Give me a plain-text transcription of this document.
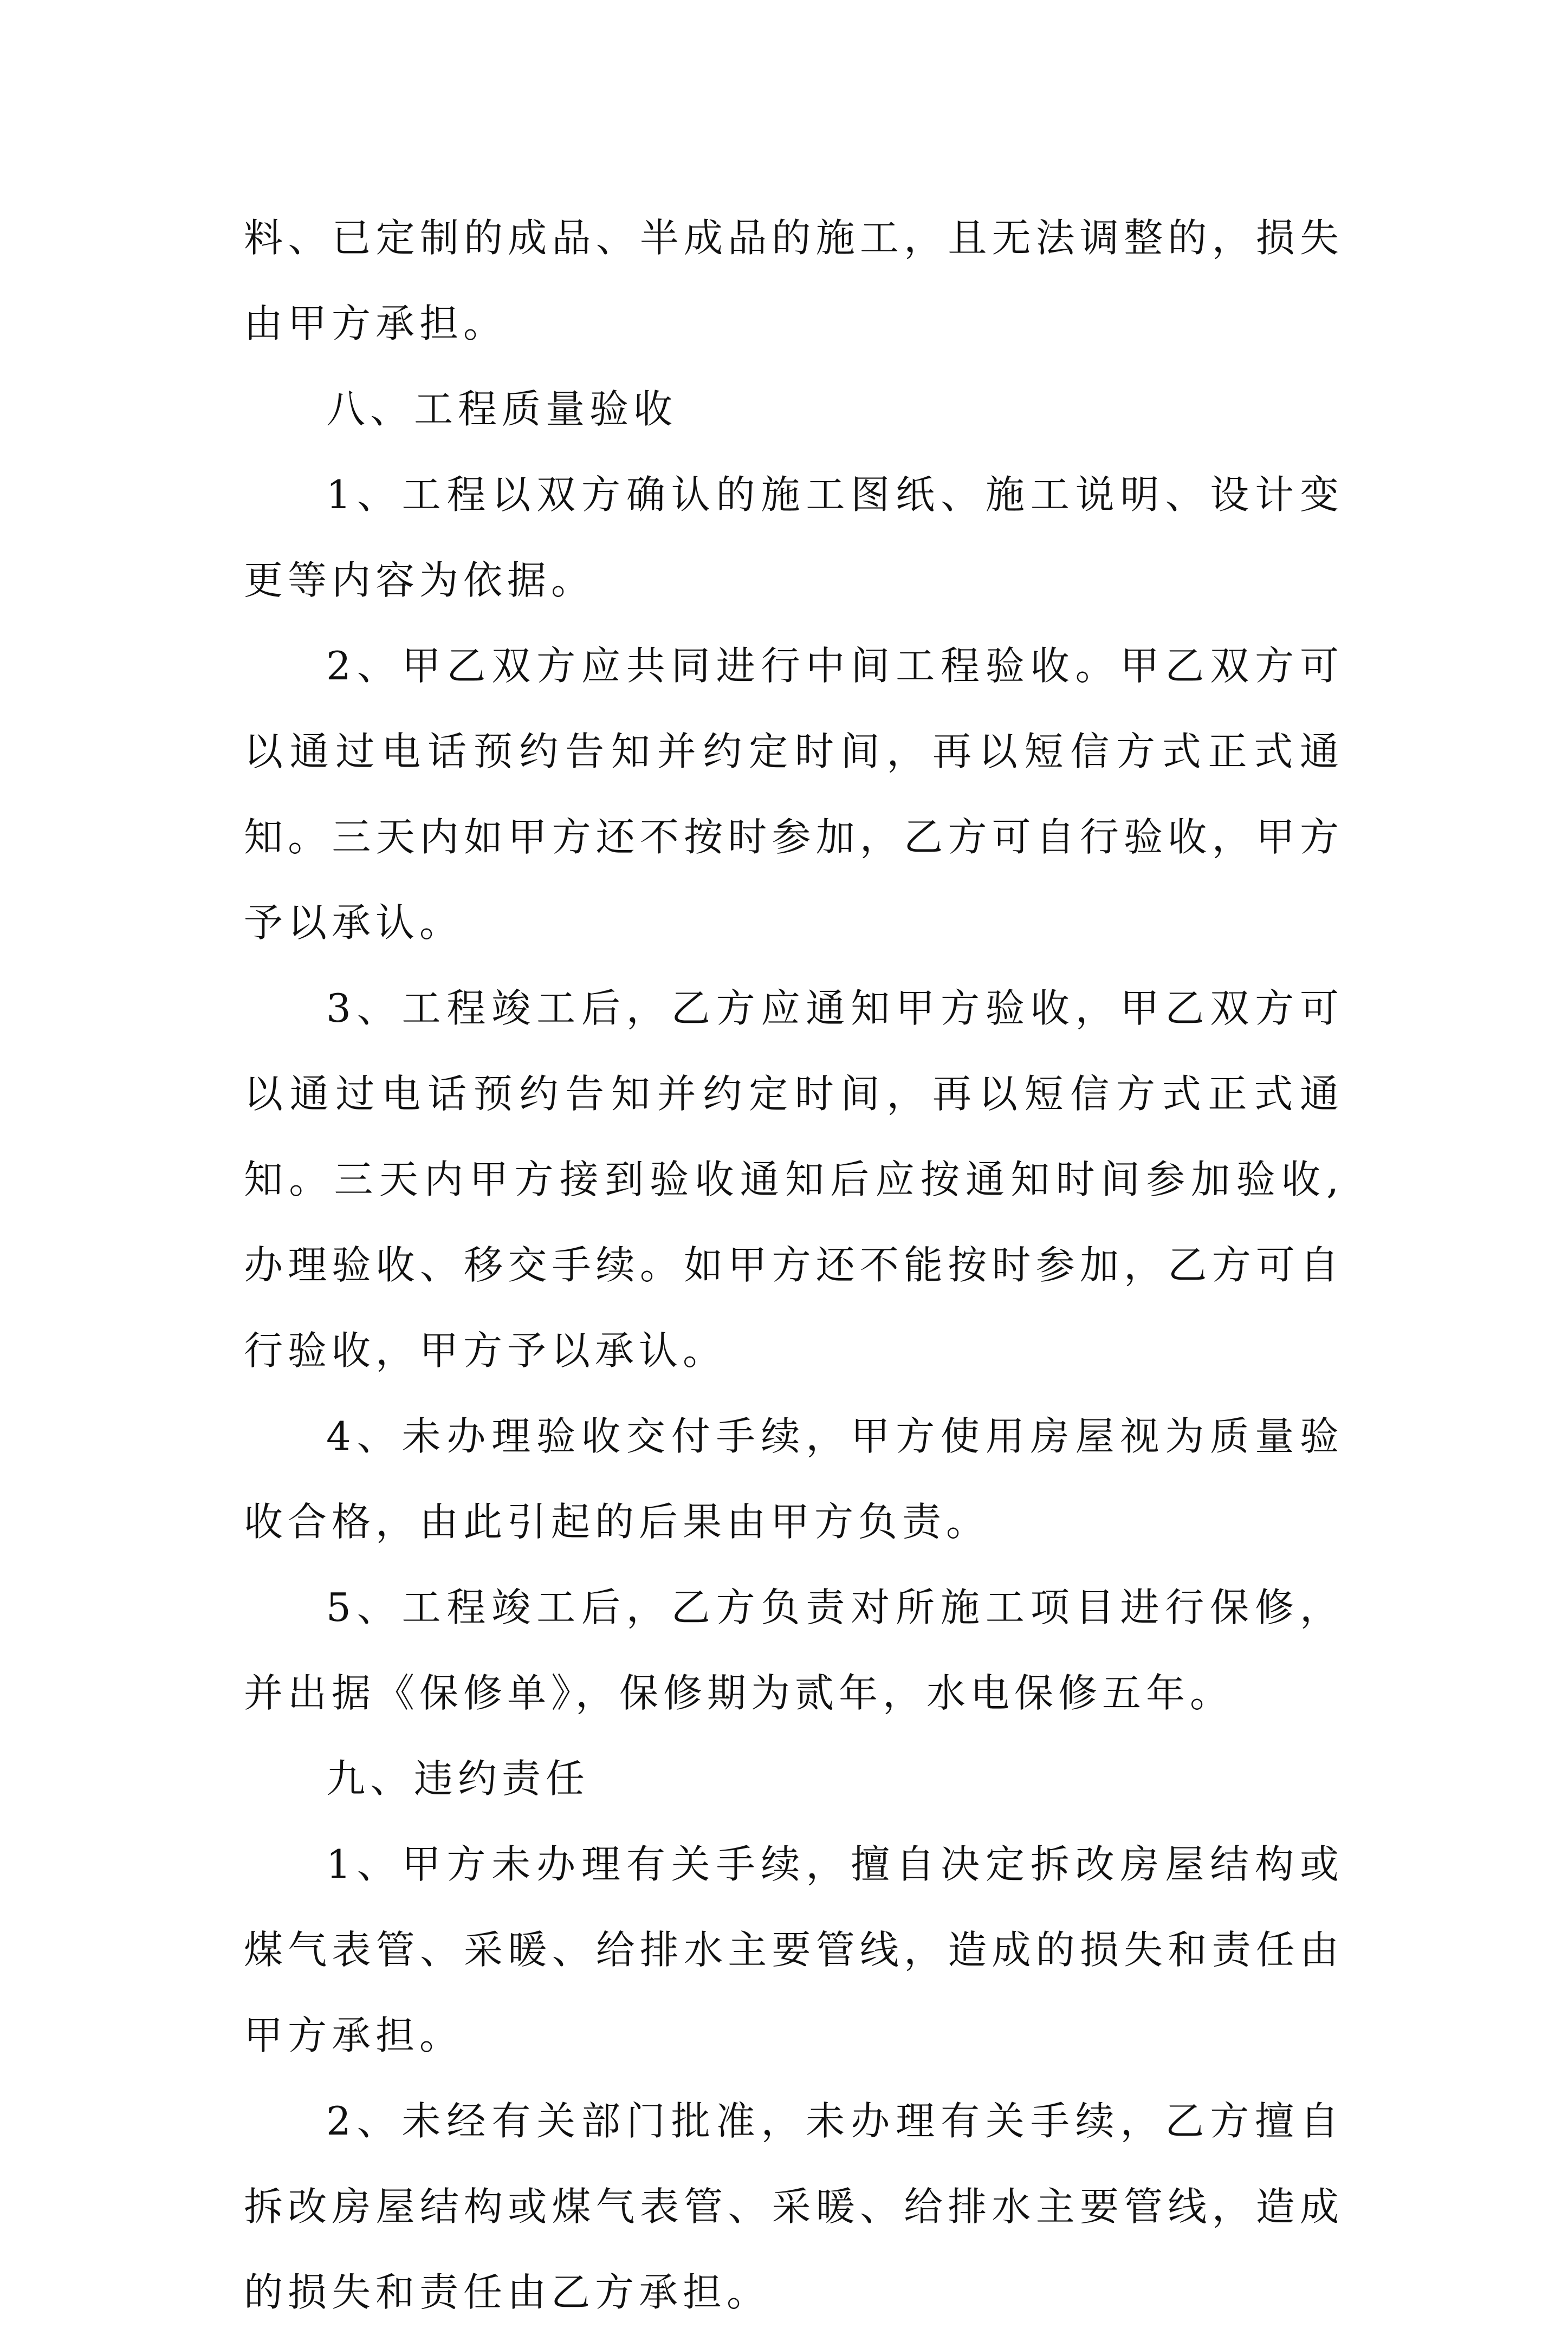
料、已定制的成品、半成品的施工，且无法调整的，损失由甲方承担。

八、工程质量验收

1、工程以双方确认的施工图纸、施工说明、设计变更等内容为依据。

2、甲乙双方应共同进行中间工程验收。甲乙双方可以通过电话预约告知并约定时间，再以短信方式正式通知。三天内如甲方还不按时参加，乙方可自行验收，甲方予以承认。

3、工程竣工后，乙方应通知甲方验收，甲乙双方可以通过电话预约告知并约定时间，再以短信方式正式通知。三天内甲方接到验收通知后应按通知时间参加验收,办理验收、移交手续。如甲方还不能按时参加，乙方可自行验收，甲方予以承认。

4、未办理验收交付手续，甲方使用房屋视为质量验收合格，由此引起的后果由甲方负责。

5、工程竣工后，乙方负责对所施工项目进行保修，并出据《保修单》，保修期为贰年，水电保修五年。

九、违约责任

1、甲方未办理有关手续，擅自决定拆改房屋结构或煤气表管、采暖、给排水主要管线，造成的损失和责任由甲方承担。

2、未经有关部门批准，未办理有关手续，乙方擅自拆改房屋结构或煤气表管、采暖、给排水主要管线，造成的损失和责任由乙方承担。
